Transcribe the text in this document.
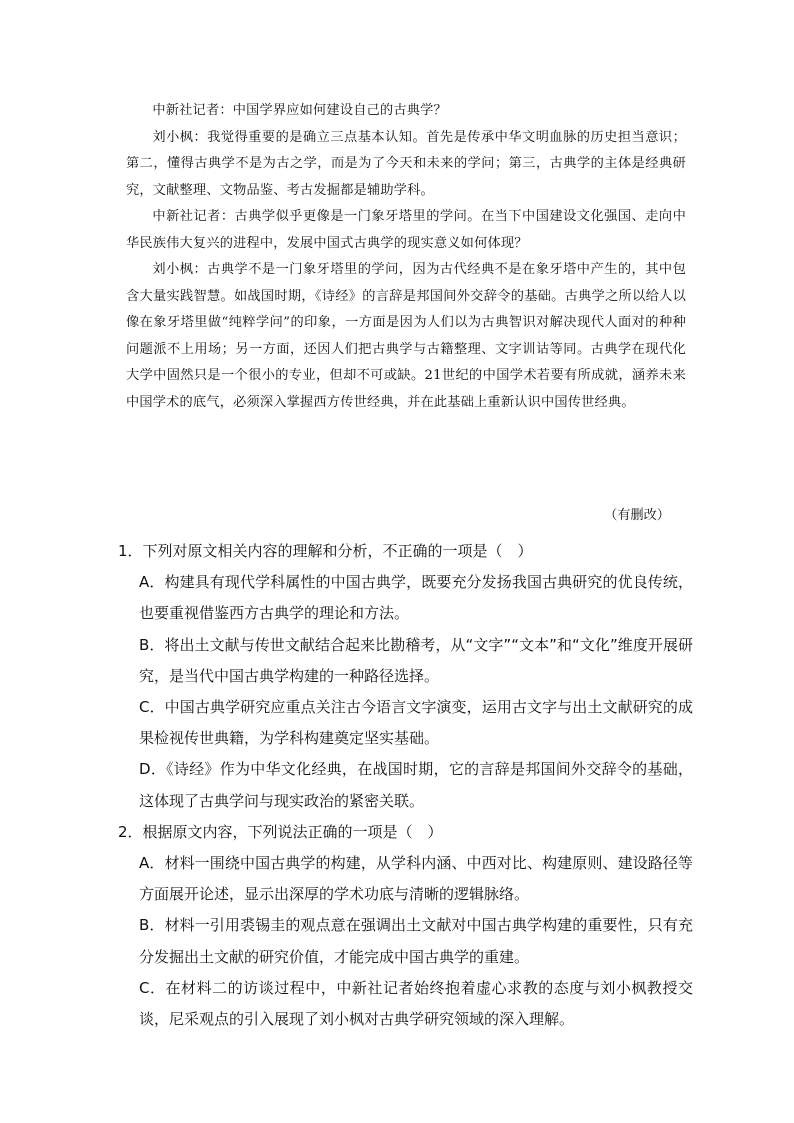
中新社记者：中国学界应如何建设自己的古典学？

刘小枫：我觉得重要的是确立三点基本认知。首先是传承中华文明血脉的历史担当意识；第二，懂得古典学不是为古之学，而是为了今天和未来的学问；第三，古典学的主体是经典研究，文献整理、文物品鉴、考古发掘都是辅助学科。

中新社记者：古典学似乎更像是一门象牙塔里的学问。在当下中国建设文化强国、走向中华民族伟大复兴的进程中，发展中国式古典学的现实意义如何体现？

刘小枫：古典学不是一门象牙塔里的学问，因为古代经典不是在象牙塔中产生的，其中包含大量实践智慧。如战国时期，《诗经》的言辞是邦国间外交辞令的基础。古典学之所以给人以像在象牙塔里做“纯粹学问”的印象，一方面是因为人们以为古典智识对解决现代人面对的种种问题派不上用场；另一方面，还因人们把古典学与古籍整理、文字训诂等同。古典学在现代化大学中固然只是一个很小的专业，但却不可或缺。21世纪的中国学术若要有所成就，涵养未来中国学术的底气，必须深入掌握西方传世经典，并在此基础上重新认识中国传世经典。

（有删改）

1．下列对原文相关内容的理解和分析，不正确的一项是（　）

A．构建具有现代学科属性的中国古典学，既要充分发扬我国古典研究的优良传统，也要重视借鉴西方古典学的理论和方法。

B．将出土文献与传世文献结合起来比勘稽考，从“文字”“文本”和“文化”维度开展研究，是当代中国古典学构建的一种路径选择。

C．中国古典学研究应重点关注古今语言文字演变，运用古文字与出土文献研究的成果检视传世典籍，为学科构建奠定坚实基础。

D．《诗经》作为中华文化经典，在战国时期，它的言辞是邦国间外交辞令的基础，这体现了古典学问与现实政治的紧密关联。

2．根据原文内容，下列说法正确的一项是（　）

A．材料一围绕中国古典学的构建，从学科内涵、中西对比、构建原则、建设路径等方面展开论述，显示出深厚的学术功底与清晰的逻辑脉络。

B．材料一引用裘锡圭的观点意在强调出土文献对中国古典学构建的重要性，只有充分发掘出土文献的研究价值，才能完成中国古典学的重建。

C．在材料二的访谈过程中，中新社记者始终抱着虚心求教的态度与刘小枫教授交谈，尼采观点的引入展现了刘小枫对古典学研究领域的深入理解。
